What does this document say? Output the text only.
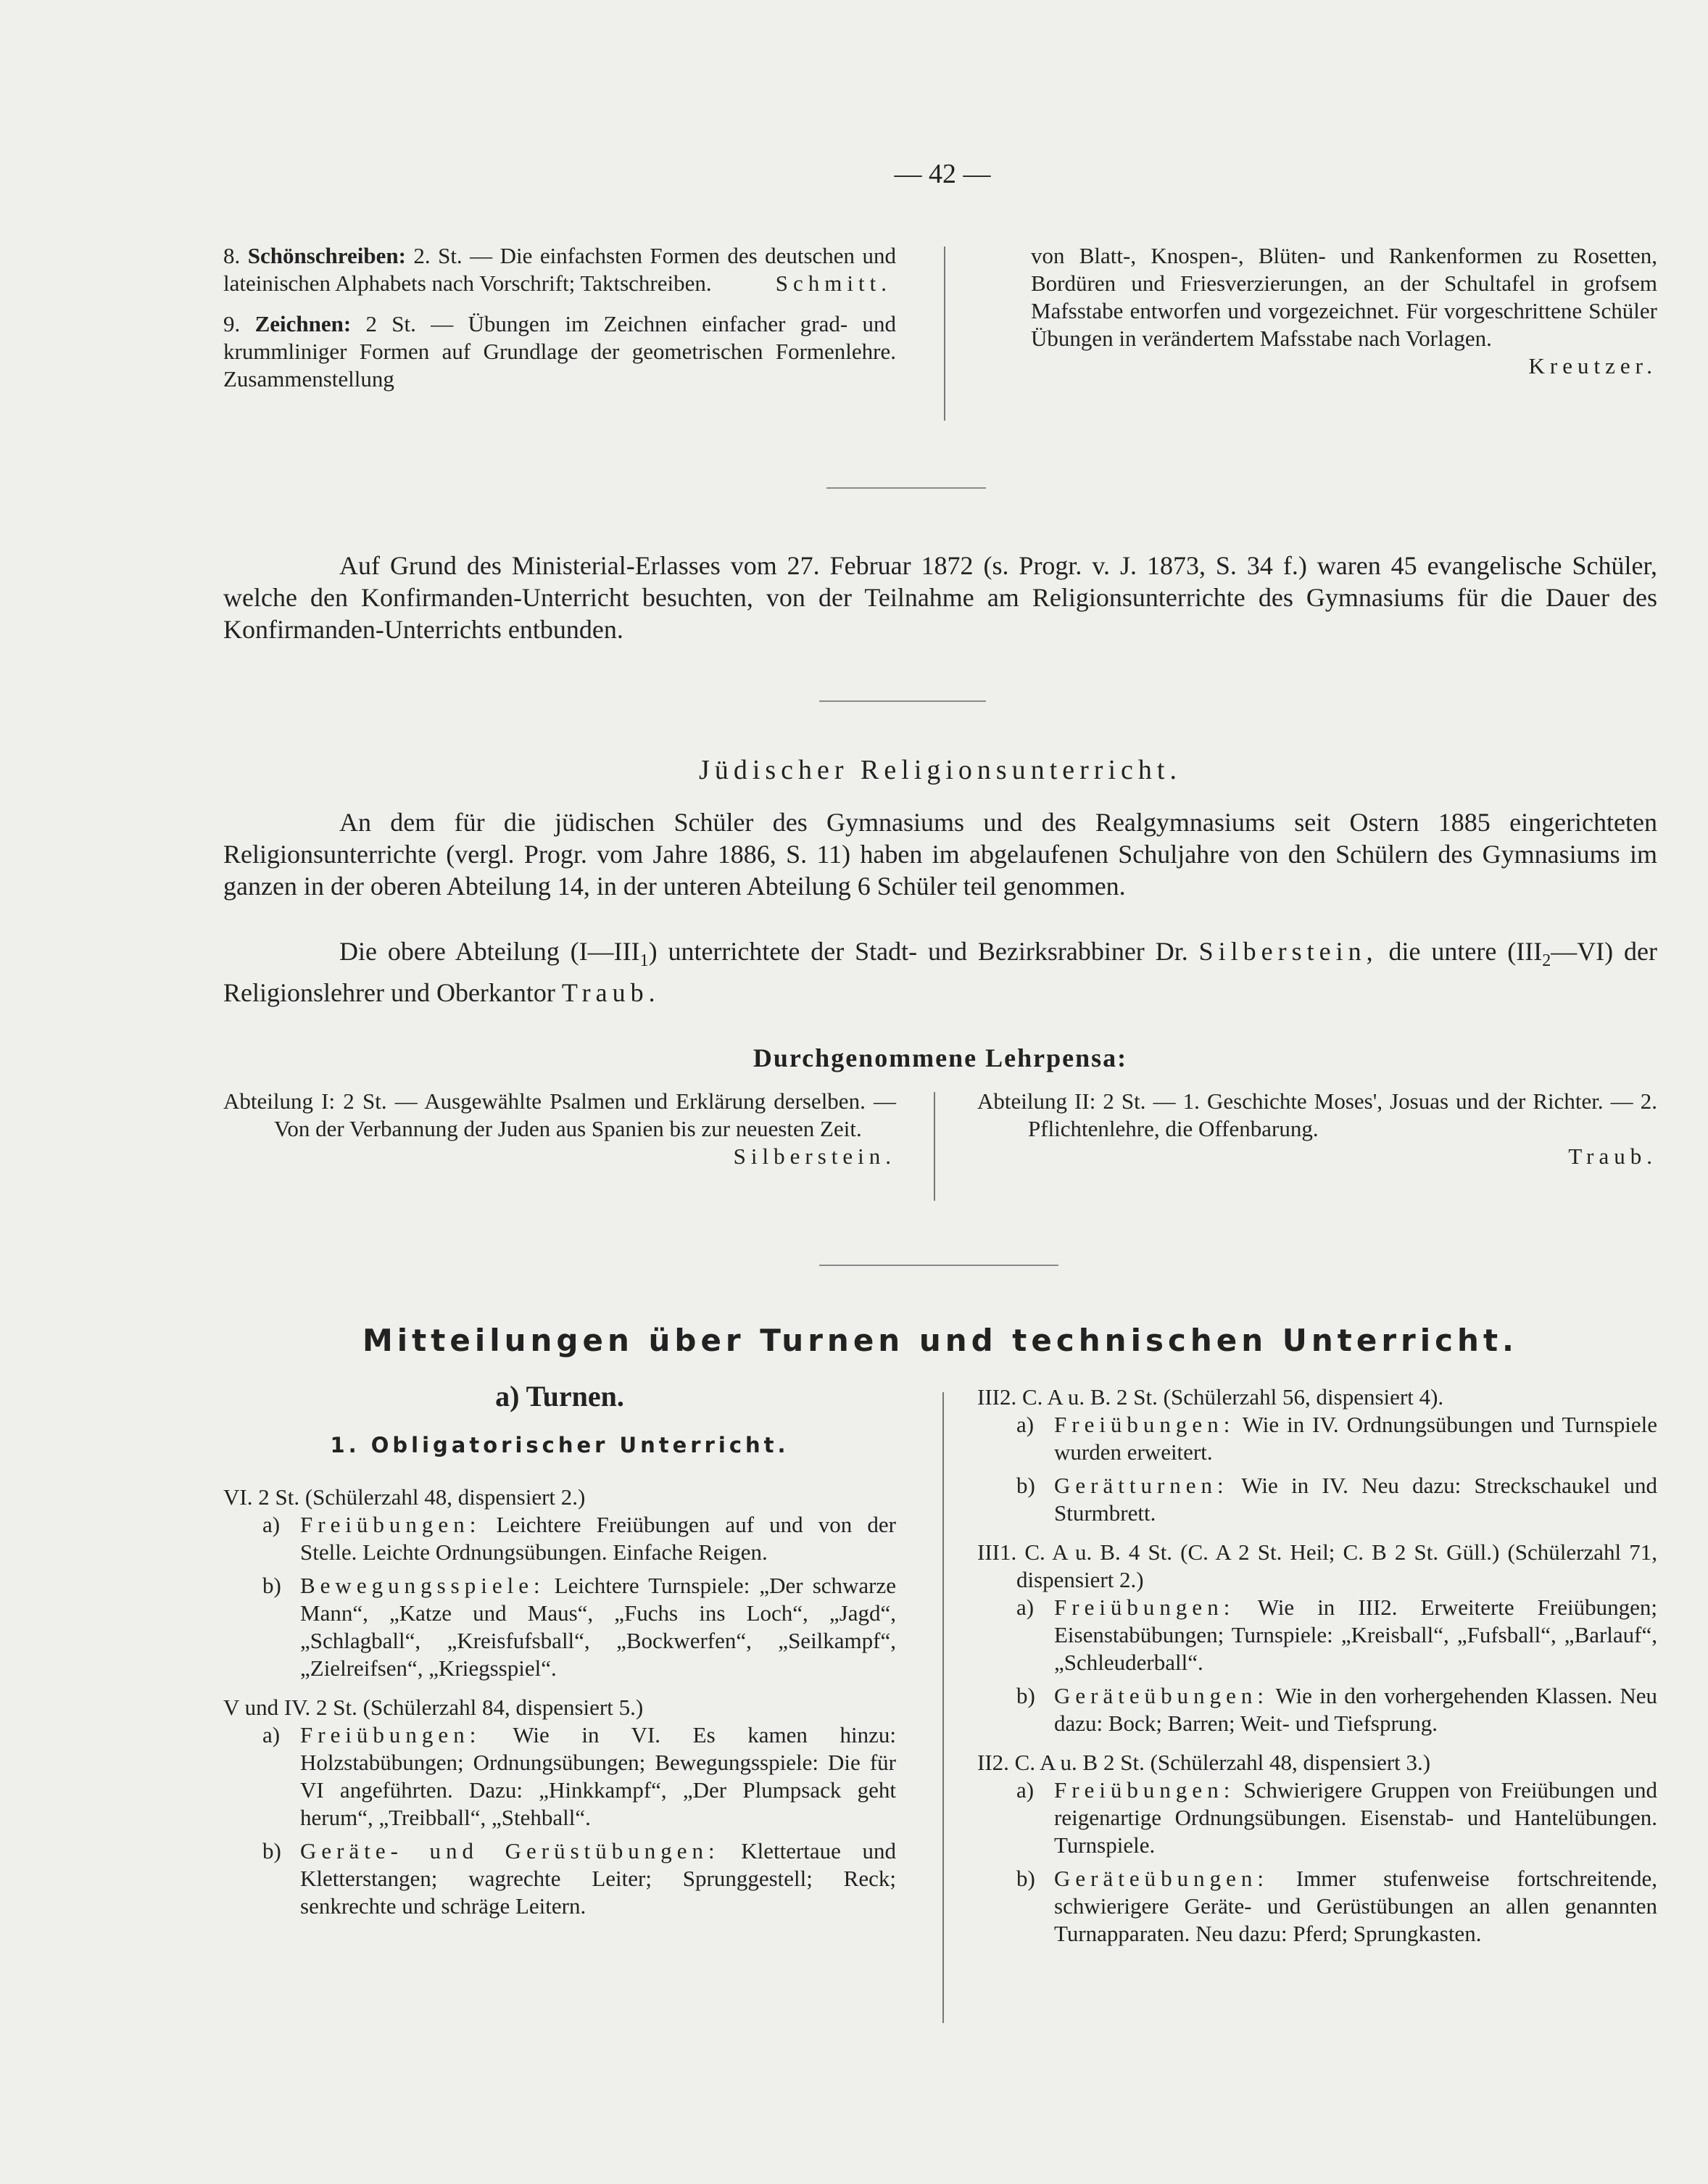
— 42 —

8. Schönschreiben: 2. St. — Die einfachsten Formen des deutschen und lateinischen Alphabets nach Vorschrift; Taktschreiben.	Schmitt.

9. Zeichnen: 2 St. — Übungen im Zeichnen einfacher grad- und krummliniger Formen auf Grundlage der geometrischen Formenlehre. Zusammenstellung

von Blatt-, Knospen-, Blüten- und Rankenformen zu Rosetten, Bordüren und Friesverzierungen, an der Schultafel in grofsem Mafsstabe entworfen und vorgezeichnet. Für vorgeschrittene Schüler Übungen in verändertem Mafsstabe nach Vorlagen.

Kreutzer.

Auf Grund des Ministerial-Erlasses vom 27. Februar 1872 (s. Progr. v. J. 1873, S. 34 f.) waren 45 evangelische Schüler, welche den Konfirmanden-Unterricht besuchten, von der Teilnahme am Religionsunterrichte des Gymnasiums für die Dauer des Konfirmanden-Unterrichts entbunden.

Jüdischer Religionsunterricht.

An dem für die jüdischen Schüler des Gymnasiums und des Realgymnasiums seit Ostern 1885 eingerichteten Religionsunterrichte (vergl. Progr. vom Jahre 1886, S. 11) haben im abgelaufenen Schuljahre von den Schülern des Gymnasiums im ganzen in der oberen Abteilung 14, in der unteren Abteilung 6 Schüler teil genommen.

Die obere Abteilung $(I—III_1)$ unterrichtete der Stadt- und Bezirksrabbiner Dr. Silberstein, die untere $(III_2—VI)$ der Religionslehrer und Oberkantor Traub.

Durchgenommene Lehrpensa:

Abteilung I: 2 St. — Ausgewählte Psalmen und Erklärung derselben. — Von der Verbannung der Juden aus Spanien bis zur neuesten Zeit.

Silberstein.

Abteilung II: 2 St. — 1. Geschichte Moses', Josuas und der Richter. — 2. Pflichtenlehre, die Offenbarung.

Traub.
Mitteilungen über Turnen und technischen Unterricht.
a) Turnen.
1. Obligatorischer Unterricht.
VI. 2 St. (Schülerzahl 48, dispensiert 2.)
a) Freiübungen: Leichtere Freiübungen auf und von der Stelle. Leichte Ordnungsübungen. Einfache Reigen.
b) Bewegungsspiele: Leichtere Turnspiele: „Der schwarze Mann“, „Katze und Maus“, „Fuchs ins Loch“, „Jagd“, „Schlagball“, „Kreisfufsball“, „Bockwerfen“, „Seilkampf“, „Zielreifsen“, „Kriegsspiel“.
V und IV. 2 St. (Schülerzahl 84, dispensiert 5.)
a) Freiübungen: Wie in VI. Es kamen hinzu: Holzstabübungen; Ordnungsübungen; Bewegungsspiele: Die für VI angeführten. Dazu: „Hinkkampf“, „Der Plumpsack geht herum“, „Treibball“, „Stehball“.
b) Geräte- und Gerüstübungen: Klettertaue und Kletterstangen; wagrechte Leiter; Sprunggestell; Reck; senkrechte und schräge Leitern.
III2. C. A u. B. 2 St. (Schülerzahl 56, dispensiert 4).
a) Freiübungen: Wie in IV. Ordnungsübungen und Turnspiele wurden erweitert.
b) Gerätturnen: Wie in IV. Neu dazu: Streckschaukel und Sturmbrett.
III1. C. A u. B. 4 St. (C. A 2 St. Heil; C. B 2 St. Güll.) (Schülerzahl 71, dispensiert 2.)
a) Freiübungen: Wie in III2. Erweiterte Freiübungen; Eisenstabübungen; Turnspiele: „Kreisball“, „Fufsball“, „Barlauf“, „Schleuderball“.
b) Geräteübungen: Wie in den vorhergehenden Klassen. Neu dazu: Bock; Barren; Weit- und Tiefsprung.
II2. C. A u. B 2 St. (Schülerzahl 48, dispensiert 3.)
a) Freiübungen: Schwierigere Gruppen von Freiübungen und reigenartige Ordnungsübungen. Eisenstab- und Hantelübungen. Turnspiele.
b) Geräteübungen: Immer stufenweise fortschreitende, schwierigere Geräte- und Gerüstübungen an allen genannten Turnapparaten. Neu dazu: Pferd; Sprungkasten.
